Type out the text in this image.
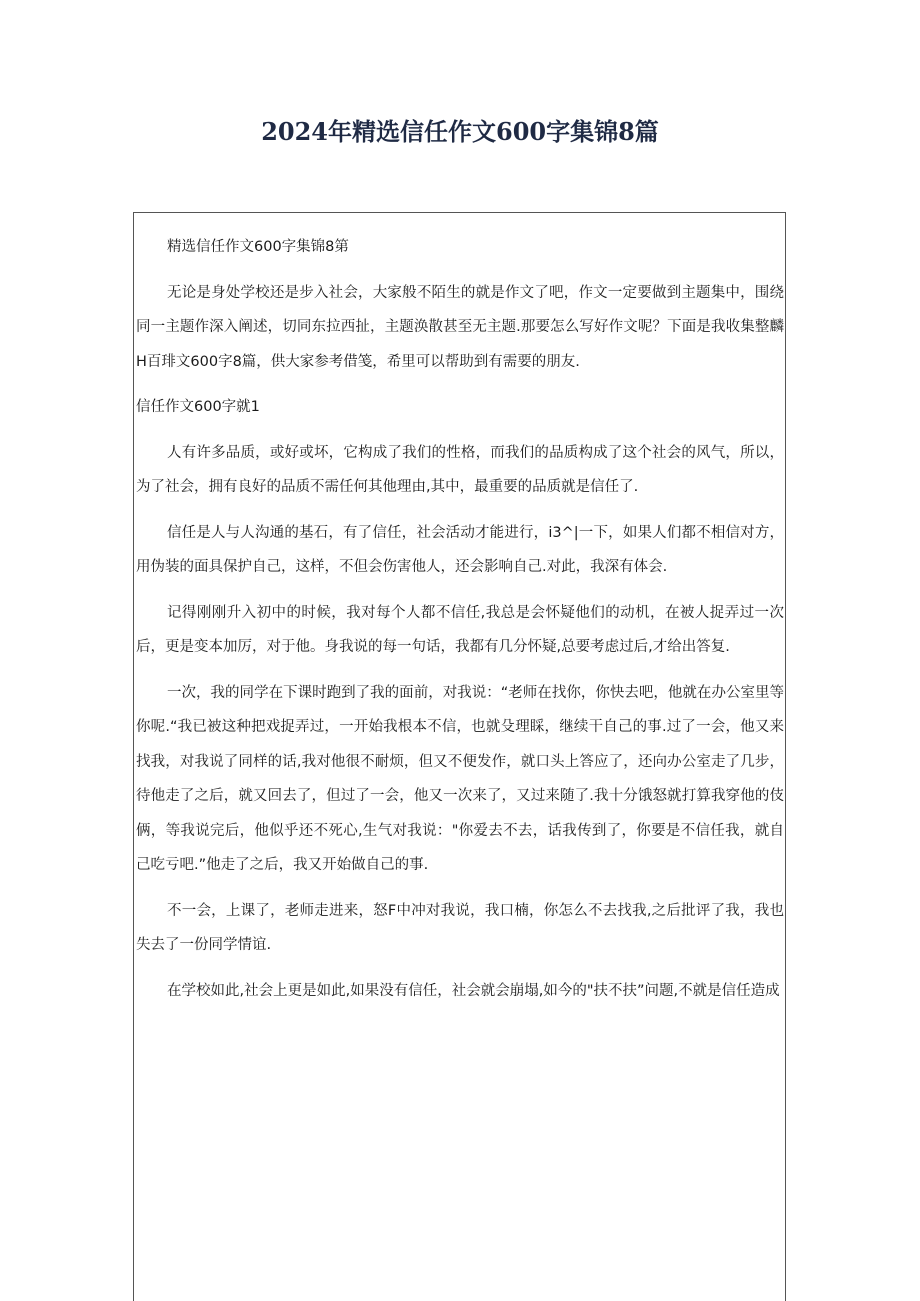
2024年精选信任作文600字集锦8篇

精选信任作文600字集锦8第

无论是身处学校还是步入社会，大家般不陌生的就是作文了吧，作文一定要做到主题集中，围绕同一主题作深入阐述，切同东拉西扯，主题涣散甚至无主题.那要怎么写好作文呢？下面是我收集整麟H百琲文600字8篇，供大家参考借笺，希里可以帮助到有需要的朋友.

信任作文600字就1

人有许多品质，或好或坏，它构成了我们的性格，而我们的品质构成了这个社会的风气，所以，为了社会，拥有良好的品质不需任何其他理由,其中，最重要的品质就是信任了.

信任是人与人沟通的基石，有了信任，社会活动才能进行，i3^|一下，如果人们都不相信对方，用伪装的面具保护自己，这样，不但会伤害他人，还会影响自己.对此，我深有体会.

记得刚刚升入初中的时候，我对每个人都不信任,我总是会怀疑他们的动机，在被人捉弄过一次后，更是变本加厉，对于他。身我说的每一句话，我都有几分怀疑,总要考虑过后,才给出答复.

一次，我的同学在下课时跑到了我的面前，对我说：“老师在找你，你快去吧，他就在办公室里等你呢.“我已被这种把戏捉弄过，一开始我根本不信，也就殳理睬，继续干自己的事.过了一会，他又来找我，对我说了同样的话,我对他很不耐烦，但又不便发作，就口头上答应了，还向办公室走了几步，待他走了之后，就又回去了，但过了一会，他又一次来了，又过来随了.我十分饿怒就打算我穿他的伎俩，等我说完后，他似乎还不死心,生气对我说："你爱去不去，话我传到了，你要是不信任我，就自己吃亏吧.”他走了之后，我又开始做自己的事.

不一会，上课了，老师走进来，怒F中冲对我说，我口楠，你怎么不去找我,之后批评了我，我也失去了一份同学情谊.

在学校如此,社会上更是如此,如果没有信任，社会就会崩塌,如今的"扶不扶”问题,不就是信任造成
